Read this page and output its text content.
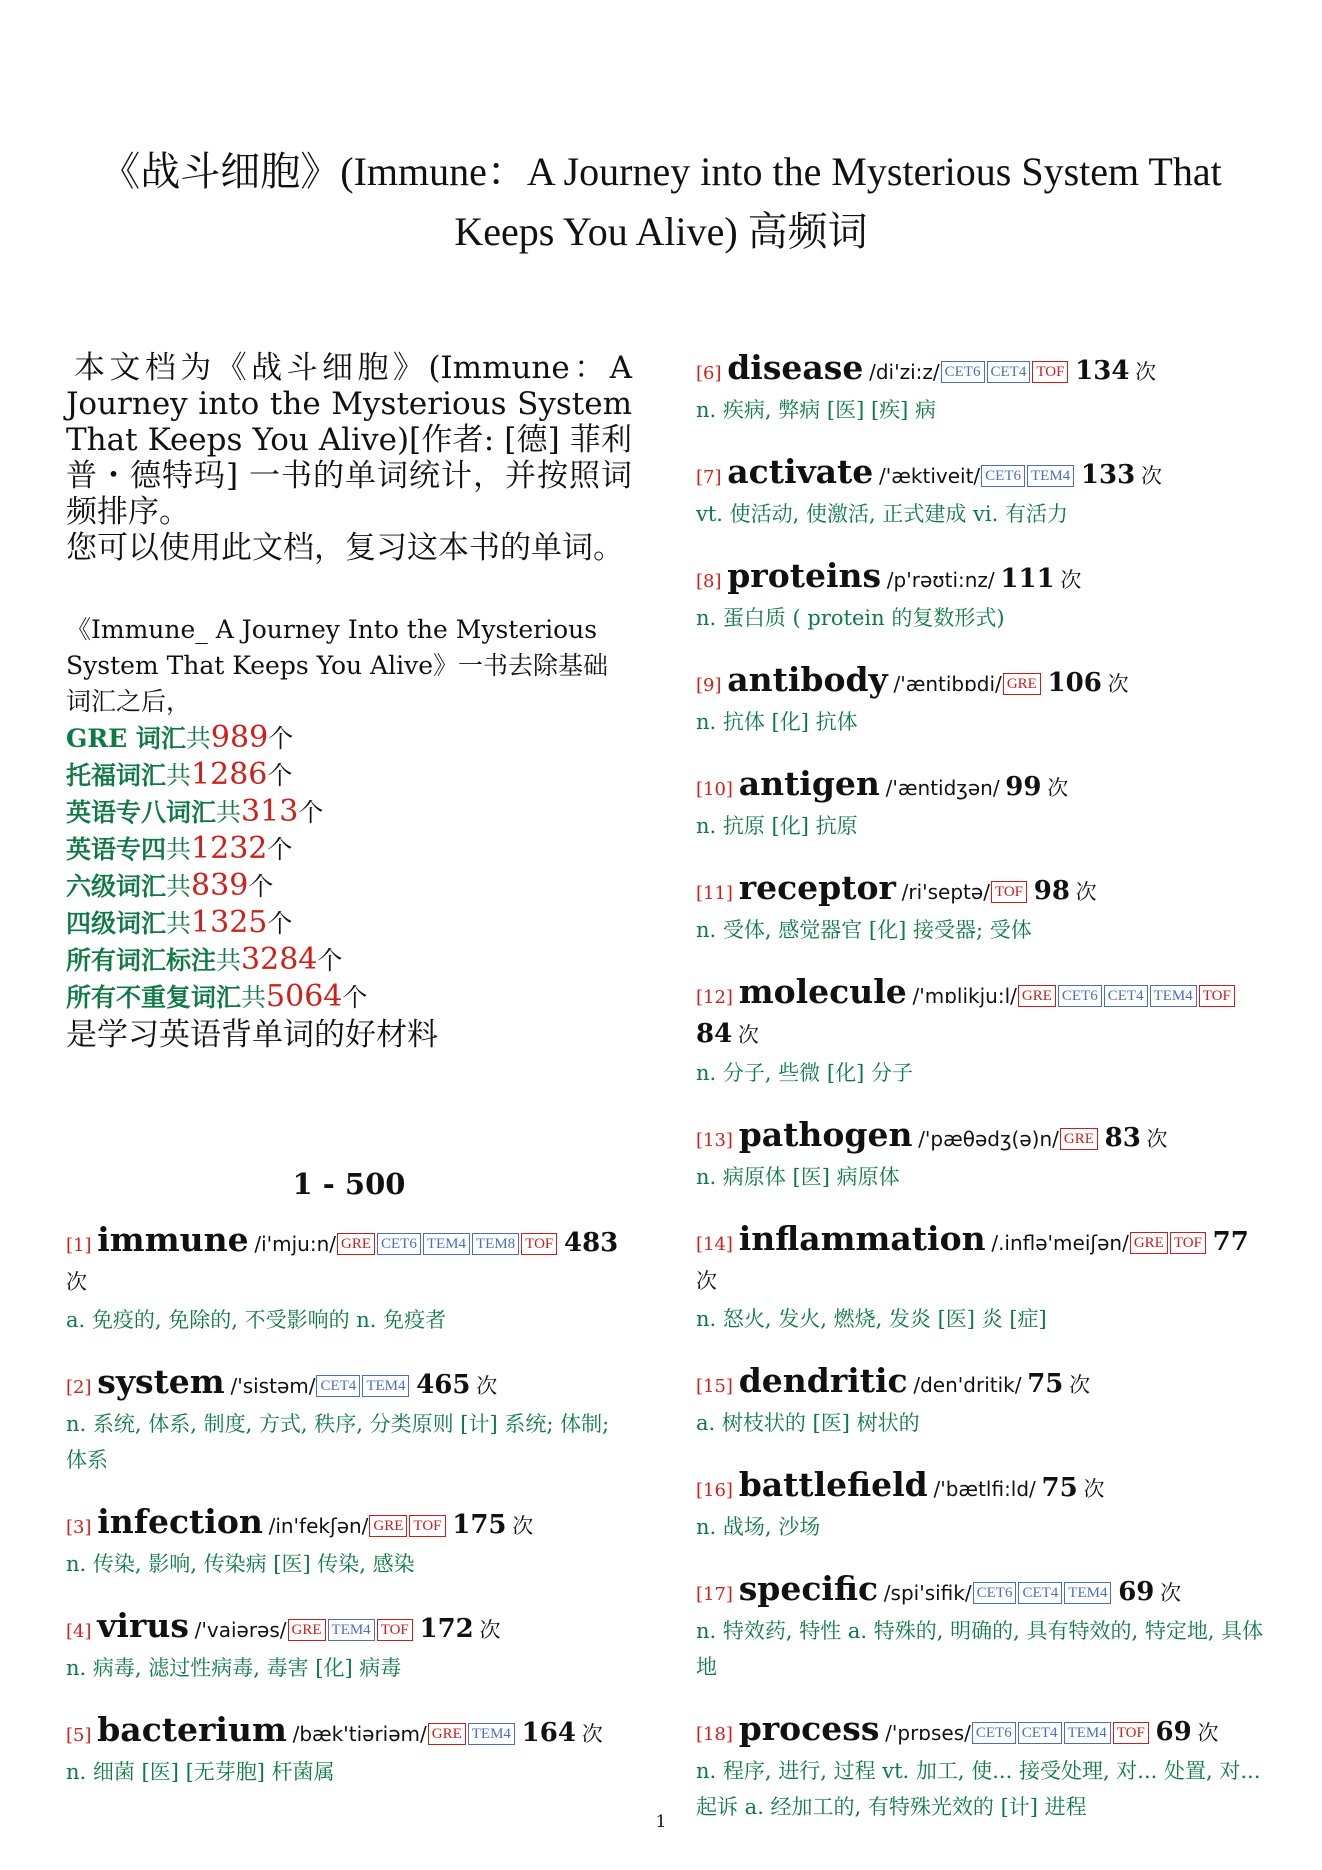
《战斗细胞》(Immune：A Journey into the Mysterious System That
Keeps You Alive) 高频词
本文档为《战斗细胞》(Immune：A Journey into the Mysterious System That Keeps You Alive)[作者: [德] 菲利普・德特玛] 一书的单词统计，并按照词频排序。
您可以使用此文档，复习这本书的单词。
《Immune_ A Journey Into the Mysterious System That Keeps You Alive》一书去除基础词汇之后，
GRE 词汇共989个
托福词汇共1286个
英语专八词汇共313个
英语专四共1232个
六级词汇共839个
四级词汇共1325个
所有词汇标注共3284个
所有不重复词汇共5064个
是学习英语背单词的好材料
1 - 500
[1] immune /i'mju:n/ GRE CET6 TEM4 TEM8 TOF 483 次
a. 免疫的, 免除的, 不受影响的 n. 免疫者
[2] system /'sistəm/ CET4 TEM4 465 次
n. 系统, 体系, 制度, 方式, 秩序, 分类原则 [计] 系统; 体制; 体系
[3] infection /in'fekʃən/ GRE TOF 175 次
n. 传染, 影响, 传染病 [医] 传染, 感染
[4] virus /'vaiərəs/ GRE TEM4 TOF 172 次
n. 病毒, 滤过性病毒, 毒害 [化] 病毒
[5] bacterium /bæk'tiəriəm/ GRE TEM4 164 次
n. 细菌 [医] [无芽胞] 杆菌属
[6] disease /di'zi:z/ CET6 CET4 TOF 134 次
n. 疾病, 弊病 [医] [疾] 病
[7] activate /'æktiveit/ CET6 TEM4 133 次
vt. 使活动, 使激活, 正式建成 vi. 有活力
[8] proteins /p'rəʊti:nz/ 111 次
n. 蛋白质 ( protein 的复数形式)
[9] antibody /'æntibɒdi/ GRE 106 次
n. 抗体 [化] 抗体
[10] antigen /'æntidʒən/ 99 次
n. 抗原 [化] 抗原
[11] receptor /ri'septə/ TOF 98 次
n. 受体, 感觉器官 [化] 接受器; 受体
[12] molecule /'mɒlikju:l/ GRE CET6 CET4 TEM4 TOF 84 次
n. 分子, 些微 [化] 分子
[13] pathogen /'pæθədʒ(ə)n/ GRE 83 次
n. 病原体 [医] 病原体
[14] inflammation /.inflə'meiʃən/ GRE TOF 77 次
n. 怒火, 发火, 燃烧, 发炎 [医] 炎 [症]
[15] dendritic /den'dritik/ 75 次
a. 树枝状的 [医] 树状的
[16] battlefield /'bætlfi:ld/ 75 次
n. 战场, 沙场
[17] specific /spi'sifik/ CET6 CET4 TEM4 69 次
n. 特效药, 特性 a. 特殊的, 明确的, 具有特效的, 特定地, 具体地
[18] process /'prɒses/ CET6 CET4 TEM4 TOF 69 次
n. 程序, 进行, 过程 vt. 加工, 使... 接受处理, 对... 处置, 对... 起诉 a. 经加工的, 有特殊光效的 [计] 进程
1
